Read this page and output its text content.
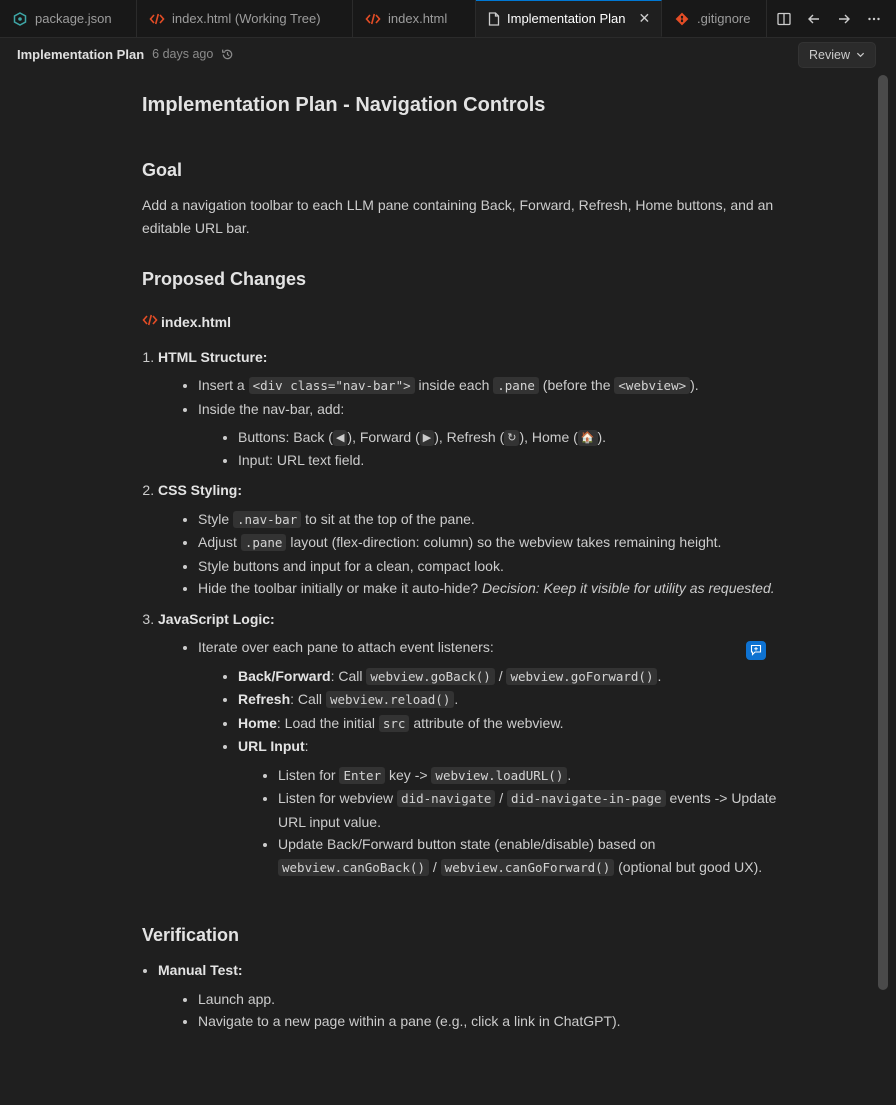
package.json	index.html (Working Tree)	index.html	Implementation Plan ✕	.gitignore
Implementation Plan 6 days ago	Review
Implementation Plan - Navigation Controls
Goal

Add a navigation toolbar to each LLM pane containing Back, Forward, Refresh, Home buttons, and an editable URL bar.

Proposed Changes
index.html
1. HTML Structure:
• Insert a <div class="nav-bar"> inside each .pane (before the <webview> ).
• Inside the nav-bar, add:
• Buttons: Back ( ◀ ), Forward ( ▶ ), Refresh ( ↻ ), Home ( 🏠 ).
• Input: URL text field.
2. CSS Styling:
• Style .nav-bar to sit at the top of the pane.
• Adjust .pane layout (flex-direction: column) so the webview takes remaining height.
• Style buttons and input for a clean, compact look.
• Hide the toolbar initially or make it auto-hide? Decision: Keep it visible for utility as requested.
3. JavaScript Logic:
• Iterate over each pane to attach event listeners:
• Back/Forward: Call webview.goBack() / webview.goForward() .
• Refresh: Call webview.reload() .
• Home: Load the initial src attribute of the webview.
• URL Input:
• Listen for Enter key -> webview.loadURL() .
• Listen for webview did-navigate / did-navigate-in-page events -> Update URL input value.
• Update Back/Forward button state (enable/disable) based on webview.canGoBack() / webview.canGoForward() (optional but good UX).
Verification
• Manual Test:
• Launch app.
• Navigate to a new page within a pane (e.g., click a link in ChatGPT).
